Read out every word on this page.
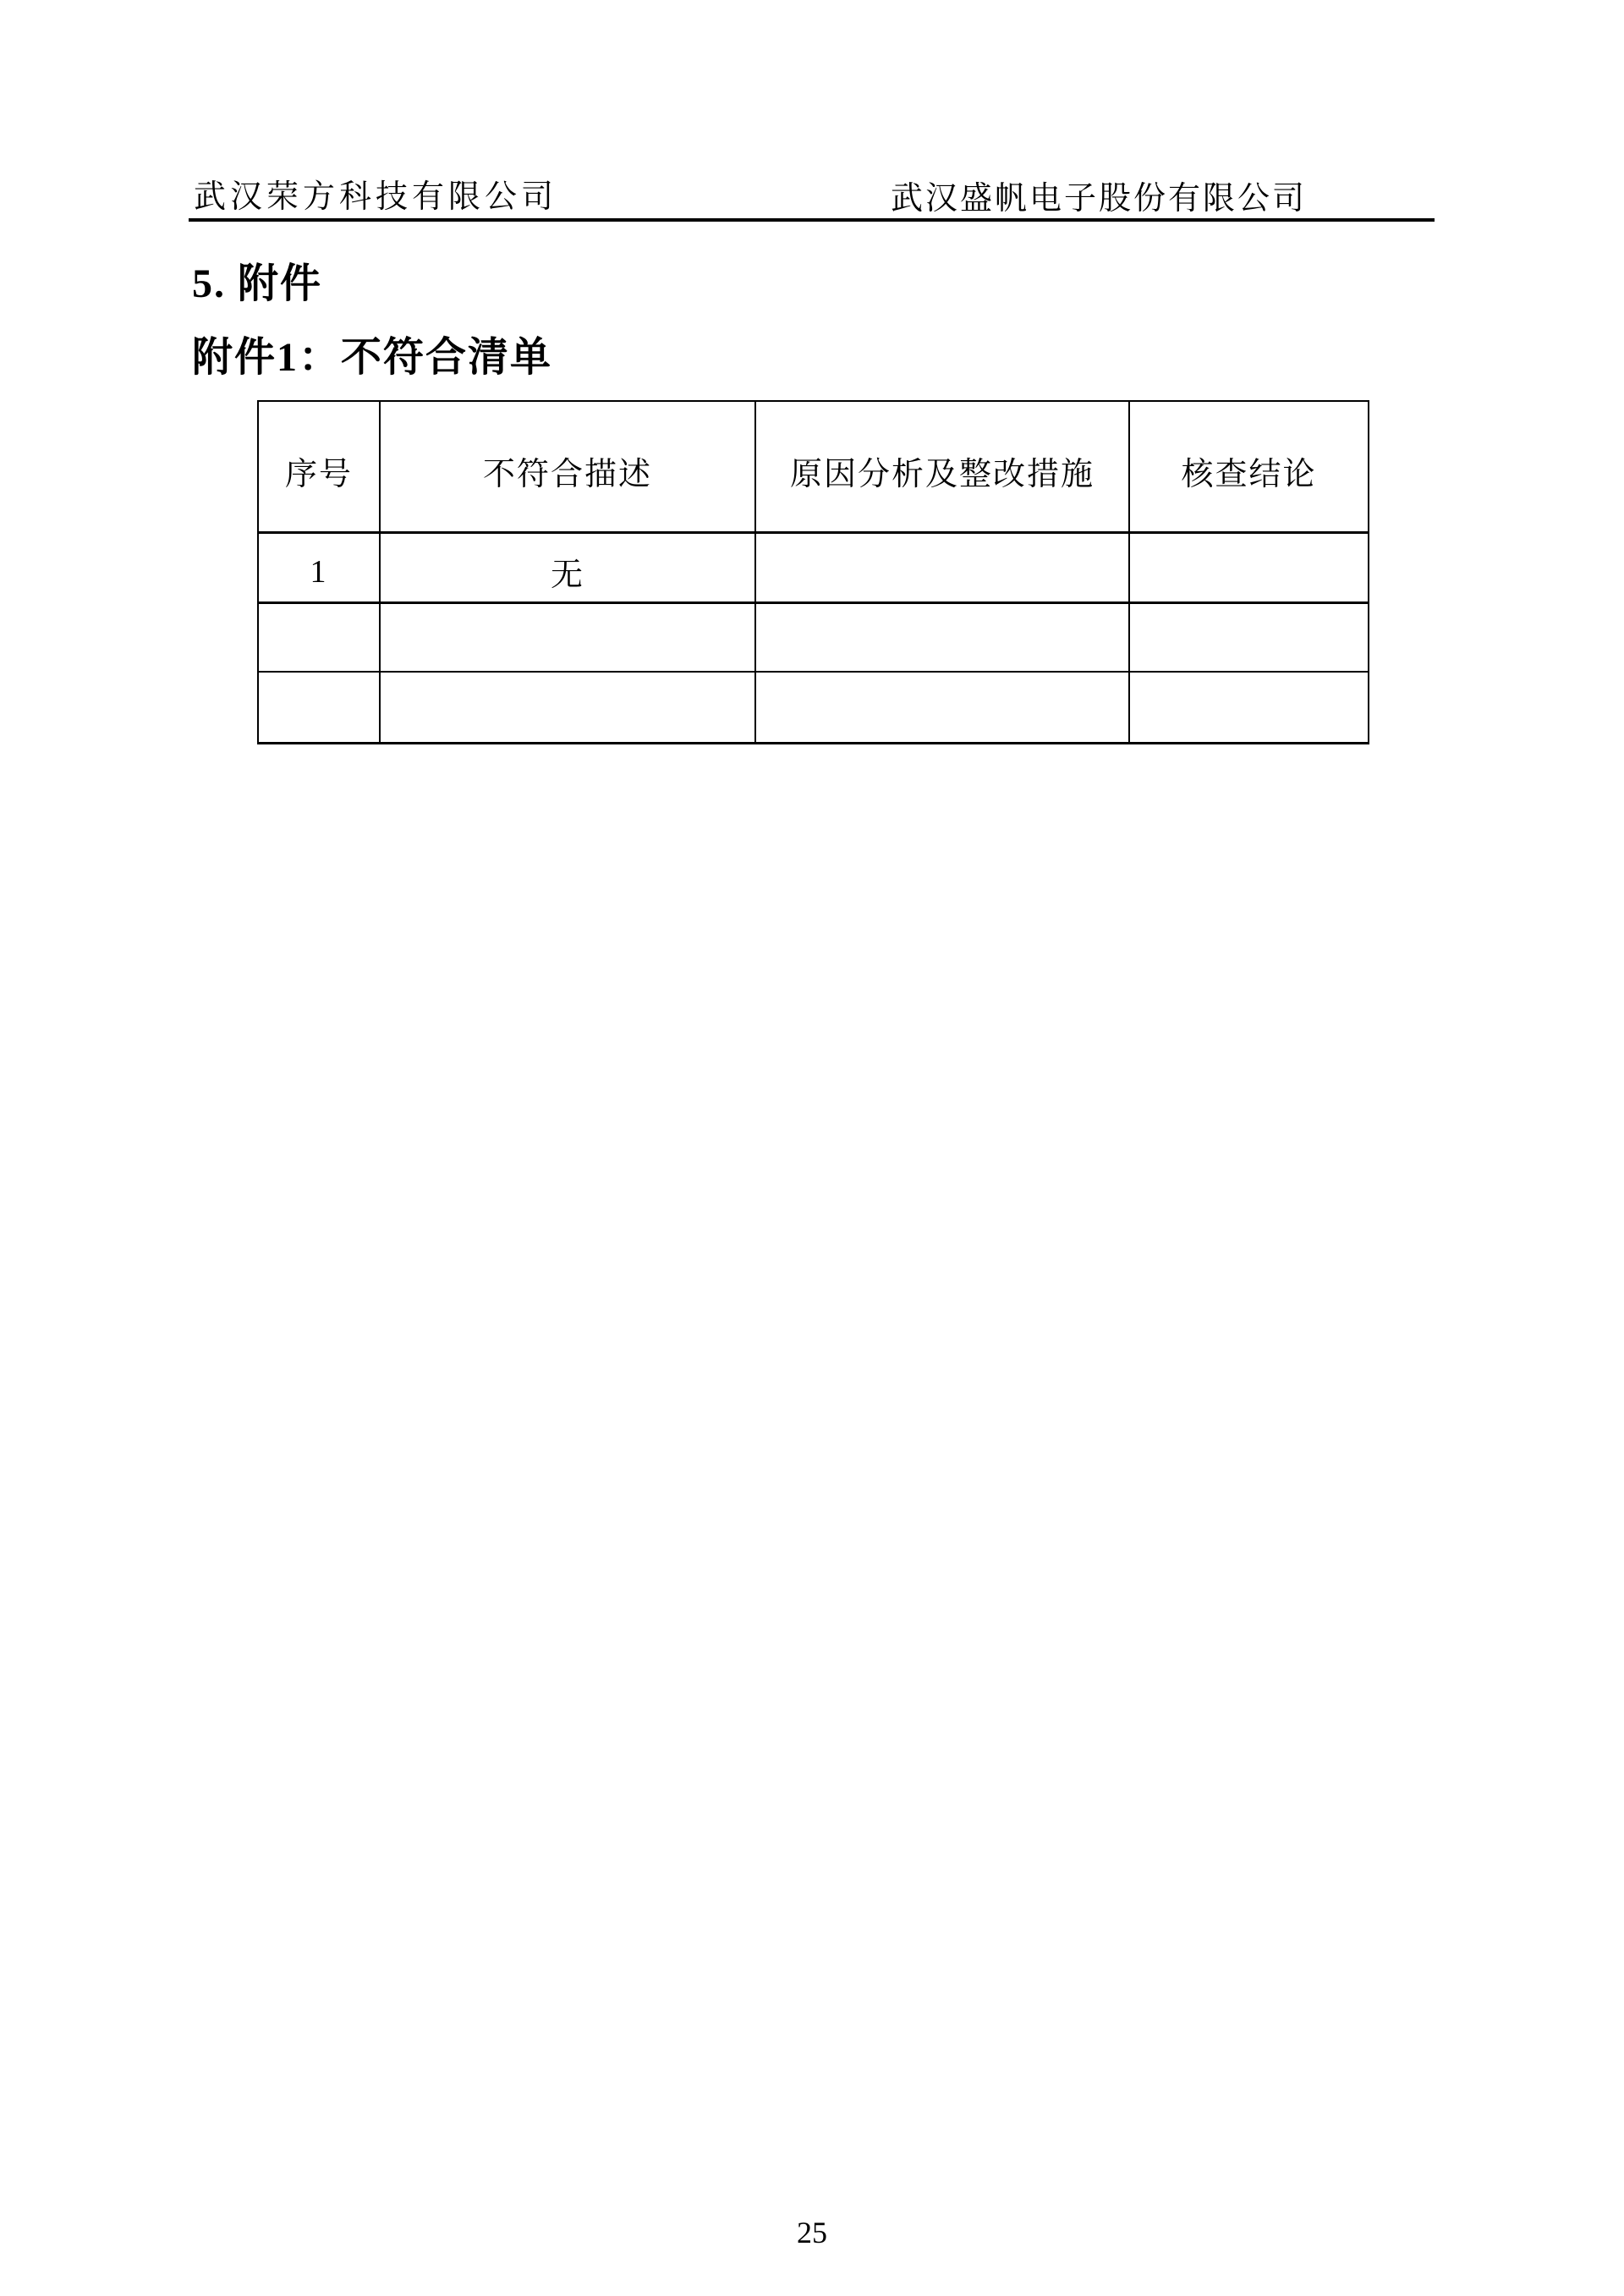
武汉荣方科技有限公司	武汉盛帆电子股份有限公司
5. 附件
附件1：不符合清单
序号	不符合描述	原因分析及整改措施	核查结论
1	无		

25
